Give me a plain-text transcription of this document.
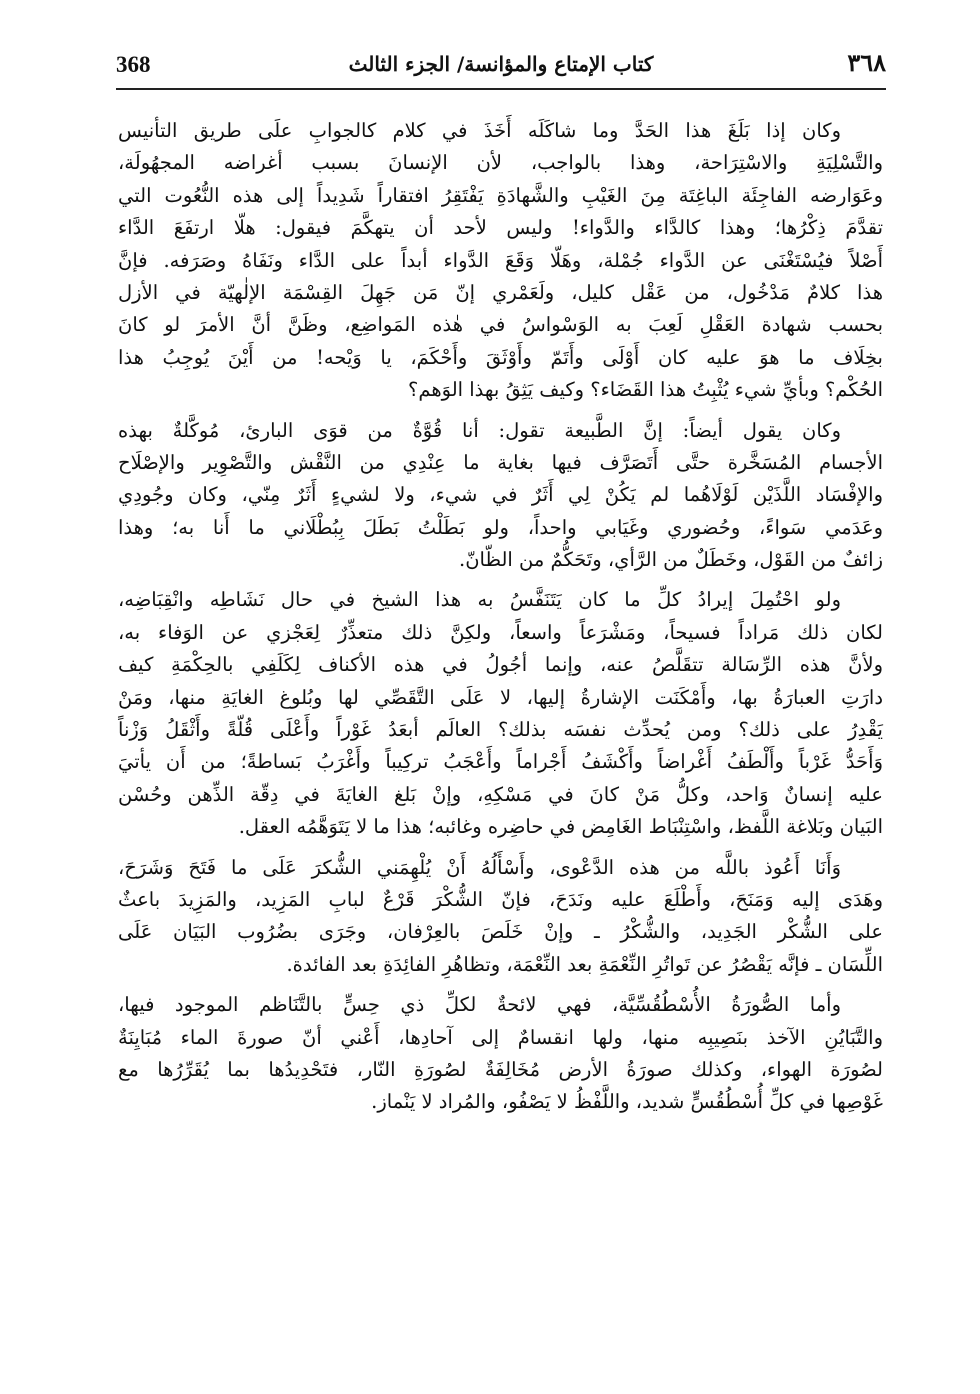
368	كتاب الإمتاع والمؤانسة/ الجزء الثالث	٣٦٨
وكان إذا بَلَغَ هذا الحَدَّ وما شاكَلَه أَخَذَ في كلام كالجوابِ علَى طريق التأنيس
والتَّسْلِيَةِ والاسْتِرَاحة، وهذا بالواجب، لأن الإنسانَ بسبب أغراضه المجهُولَة،
وعَوَارضه الفاجِئَة الباغِتَة مِنَ الغَيْبِ والشَّهادَةِ يَفْتَقِرُ افتقاراً شَدِيداً إلى هذه النُّعُوت التي
تقدَّمَ ذِكْرُها؛ وهذا كالدَّاء والدَّواء! وليس لأحد أن يتهكَّمَ فيقول: هلّا ارتفَعَ الدَّاء
أَصْلاً فيُسْتَغْنَى عن الدَّواء جُمْلة، وهَلّا وَقَعَ الدَّواء أبداً على الدَّاء ونَفَاهُ وصَرَفه. فإنَّ
هذا كلامٌ مَدْخُول، من عَقْل كليل، ولَعَمْري إنّ مَن جَهِلَ القِسْمَة الإلٰهيّة في الأزل
بحسب شهادة العَقْلِ لَعِبَ به الوَسْواسُ في هٰذه المَواضِع، وظَنَّ أنَّ الأمرَ لو كانَ
بخِلَاف ما هوَ عليه كان أَوْلَى وأَتَمّ وأَوْثَقَ وأَحْكَمَ، يا وَيْحه! من أَيْنَ يُوجِبُ هذا
الحُكْم؟ وبأيِّ شيء يُثْبِتُ هذا القَضَاء؟ وكيف يَثِقُ بهذا الوَهم؟
وكان يقول أيضاً: إنَّ الطَّبيعة تقول: أنا قُوَّةٌ من قوَى البارئ، مُوكَّلةٌ بهذه
الأجسام المُسَخَّرة حتَّى أَتَصَرَّف فيها بغاية ما عِنْدِي من النَّقْش والتَّصْوِير والإصْلَاح
والإفْسَاد اللَّذَيْن لَوْلَاهُما لم يَكُنْ لِي أَثَرٌ في شيء، ولا لشيءٍ أَثَرٌ مِنّي، وكان وجُودِي
وعَدَمي سَواءً، وحُضوري وغَيَابي واحداً، ولو بَطَلْتُ بَطَلَ بِبُطْلَاني ما أَنا به؛ وهذا
زائفٌ من القَوْل، وخَطَلٌ من الرَّأي، وتَحَكُّمٌ من الظّانّ.
ولو احْتُمِلَ إيرادُ كلِّ ما كان يَتَنَفَّسُ به هذا الشيخ في حال نَشَاطِه وانْقِبَاضِه،
لكان ذلك مَراداً فسيحاً، ومَشْرَعاً واسعاً، ولكِنَّ ذلك متعذِّرٌ لِعَجْزي عن الوَفاء به،
ولأنَّ هذه الرِّسَالة تتقَلَّصُ عنه، وإنما أجُولُ في هذه الأكناف لِكَلَفِي بالحِكْمَةِ كيف
دارَتِ العبارَةُ بها، وأَمْكَنَت الإشارةُ إليها، لا عَلَى التَّقَصِّي لها وبُلوغ الغايَةِ منها، ومَنْ
يَقْدِرُ على ذلك؟ ومن يُحدِّث نفسَه بذلك؟ العالَم أبعَدُ غَوْراً وأَعْلَى قُلّةً وأَثْقَلُ وَزْناً
وَأَحَدُّ غَرْباً وأَلْطَفُ أَغْراضاً وأَكْشَفُ أَجْراماً وأَعْجَبُ تركِيباً وأَغْرَبُ بَساطةً؛ من أَن يأتيَ
عليه إنسانٌ وَاحد، وكلُّ مَنْ كانَ في مَسْكِهِ، وإنْ بَلغ الغايَةَ في دِقّة الذِّهن وحُسْن
البَيان وبَلاغة اللَّفظ، واسْتِنْبَاط الغَامِض في حاضِره وغائبه؛ هذا ما لا يَتَوَهَّمُه العقل.
وَأَنَا أَعُوذ باللَّه من هذه الدَّعْوى، وأَسْأَلُهُ أَنْ يُلْهِمَني الشُّكرَ عَلَى ما فَتَحَ وَشَرَحَ،
وهَدَى إليه وَمَنَحَ، وأَطْلَعَ عليه ونَدَحَ، فإنّ الشُّكْرَ قَرْعٌ لبابِ المَزِيد، والمَزِيدَ باعثٌ
على الشُّكْر الجَدِيد، والشُّكْرُ ـ وإنْ خَلَصَ بالعِرْفان، وجَرَى بضُرُوب البَيَان عَلَى
اللِّسَان ـ فإنَّه يَقْصُرُ عن تَواتُرِ النِّعْمَةِ بعد النِّعْمَة، وتظاهُرِ الفائِدَةِ بعد الفائدة.
وأما الصُّورَةُ الأُسْطُقُسِّيَّة، فهي لائحةٌ لكلِّ ذي حِسٍّ بالتَّنَاظم الموجود فيها،
والتَّبَايُنِ الآخذ بنَصِيبِه منها، ولها انقسامٌ إلى آحادِها، أَعْني أنّ صورةَ الماء مُبَايِنَةٌ
لصُورَة الهواء، وكذلك صورَةُ الأرض مُخَالِفَةٌ لصُورَةِ النّار، فتَحْدِيدُها بما يُقَرِّرُها مع
غَوْصِها في كلِّ أُسْطُقُسٍّ شديد، واللَّفْظُ لا يَصْفُو، والمُراد لا يَنْماز.
